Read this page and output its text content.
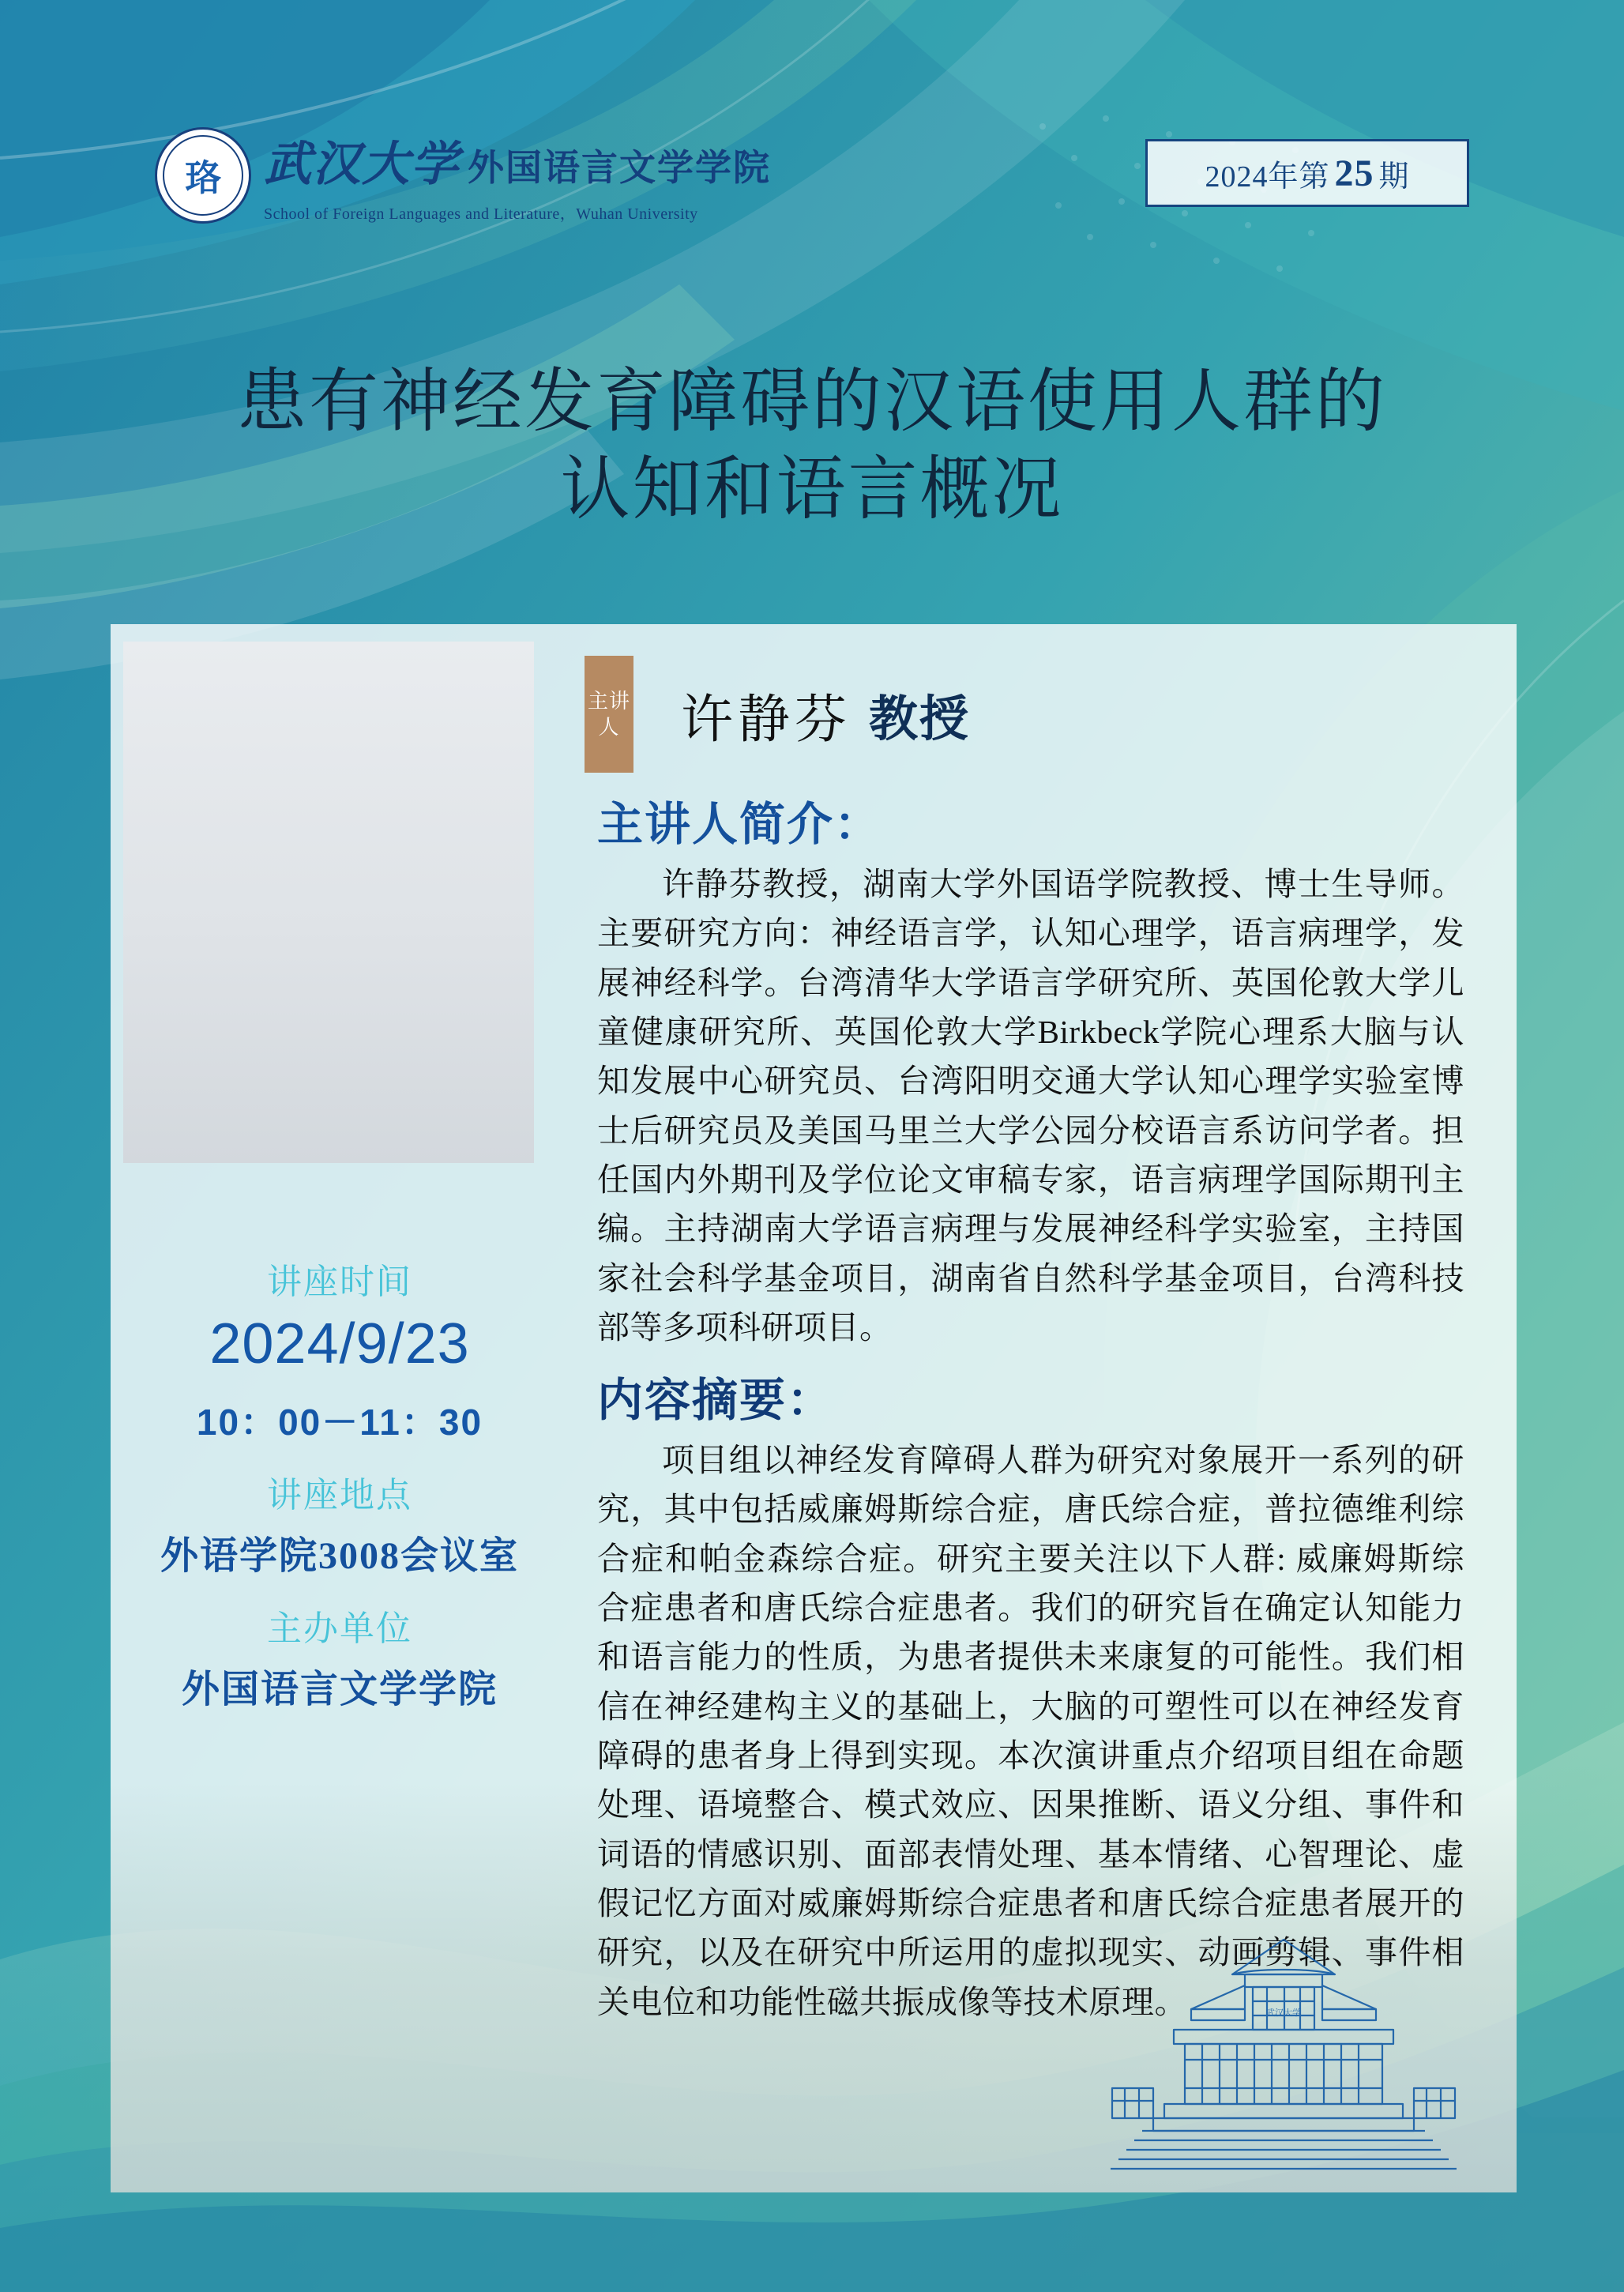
珞 武汉大学 外国语言文学学院
School of Foreign Languages and Literature，Wuhan University
2024年第 25 期
患有神经发育障碍的汉语使用人群的
认知和语言概况
讲座时间
2024/9/23
10：00－11：30
讲座地点
外语学院3008会议室
主办单位
外国语言文学学院
主讲人 许静芬 教授
主讲人简介：

许静芬教授，湖南大学外国语学院教授、博士生导师。主要研究方向：神经语言学，认知心理学，语言病理学，发展神经科学。台湾清华大学语言学研究所、英国伦敦大学儿童健康研究所、英国伦敦大学Birkbeck学院心理系大脑与认知发展中心研究员、台湾阳明交通大学认知心理学实验室博士后研究员及美国马里兰大学公园分校语言系访问学者。担任国内外期刊及学位论文审稿专家，语言病理学国际期刊主编。主持湖南大学语言病理与发展神经科学实验室，主持国家社会科学基金项目，湖南省自然科学基金项目，台湾科技部等多项科研项目。

内容摘要：

项目组以神经发育障碍人群为研究对象展开一系列的研究，其中包括威廉姆斯综合症，唐氏综合症，普拉德维利综合症和帕金森综合症。研究主要关注以下人群: 威廉姆斯综合症患者和唐氏综合症患者。我们的研究旨在确定认知能力和语言能力的性质，为患者提供未来康复的可能性。我们相信在神经建构主义的基础上，大脑的可塑性可以在神经发育障碍的患者身上得到实现。本次演讲重点介绍项目组在命题处理、语境整合、模式效应、因果推断、语义分组、事件和词语的情感识别、面部表情处理、基本情绪、心智理论、虚假记忆方面对威廉姆斯综合症患者和唐氏综合症患者展开的研究，以及在研究中所运用的虚拟现实、动画剪辑、事件相关电位和功能性磁共振成像等技术原理。	武汉大学
